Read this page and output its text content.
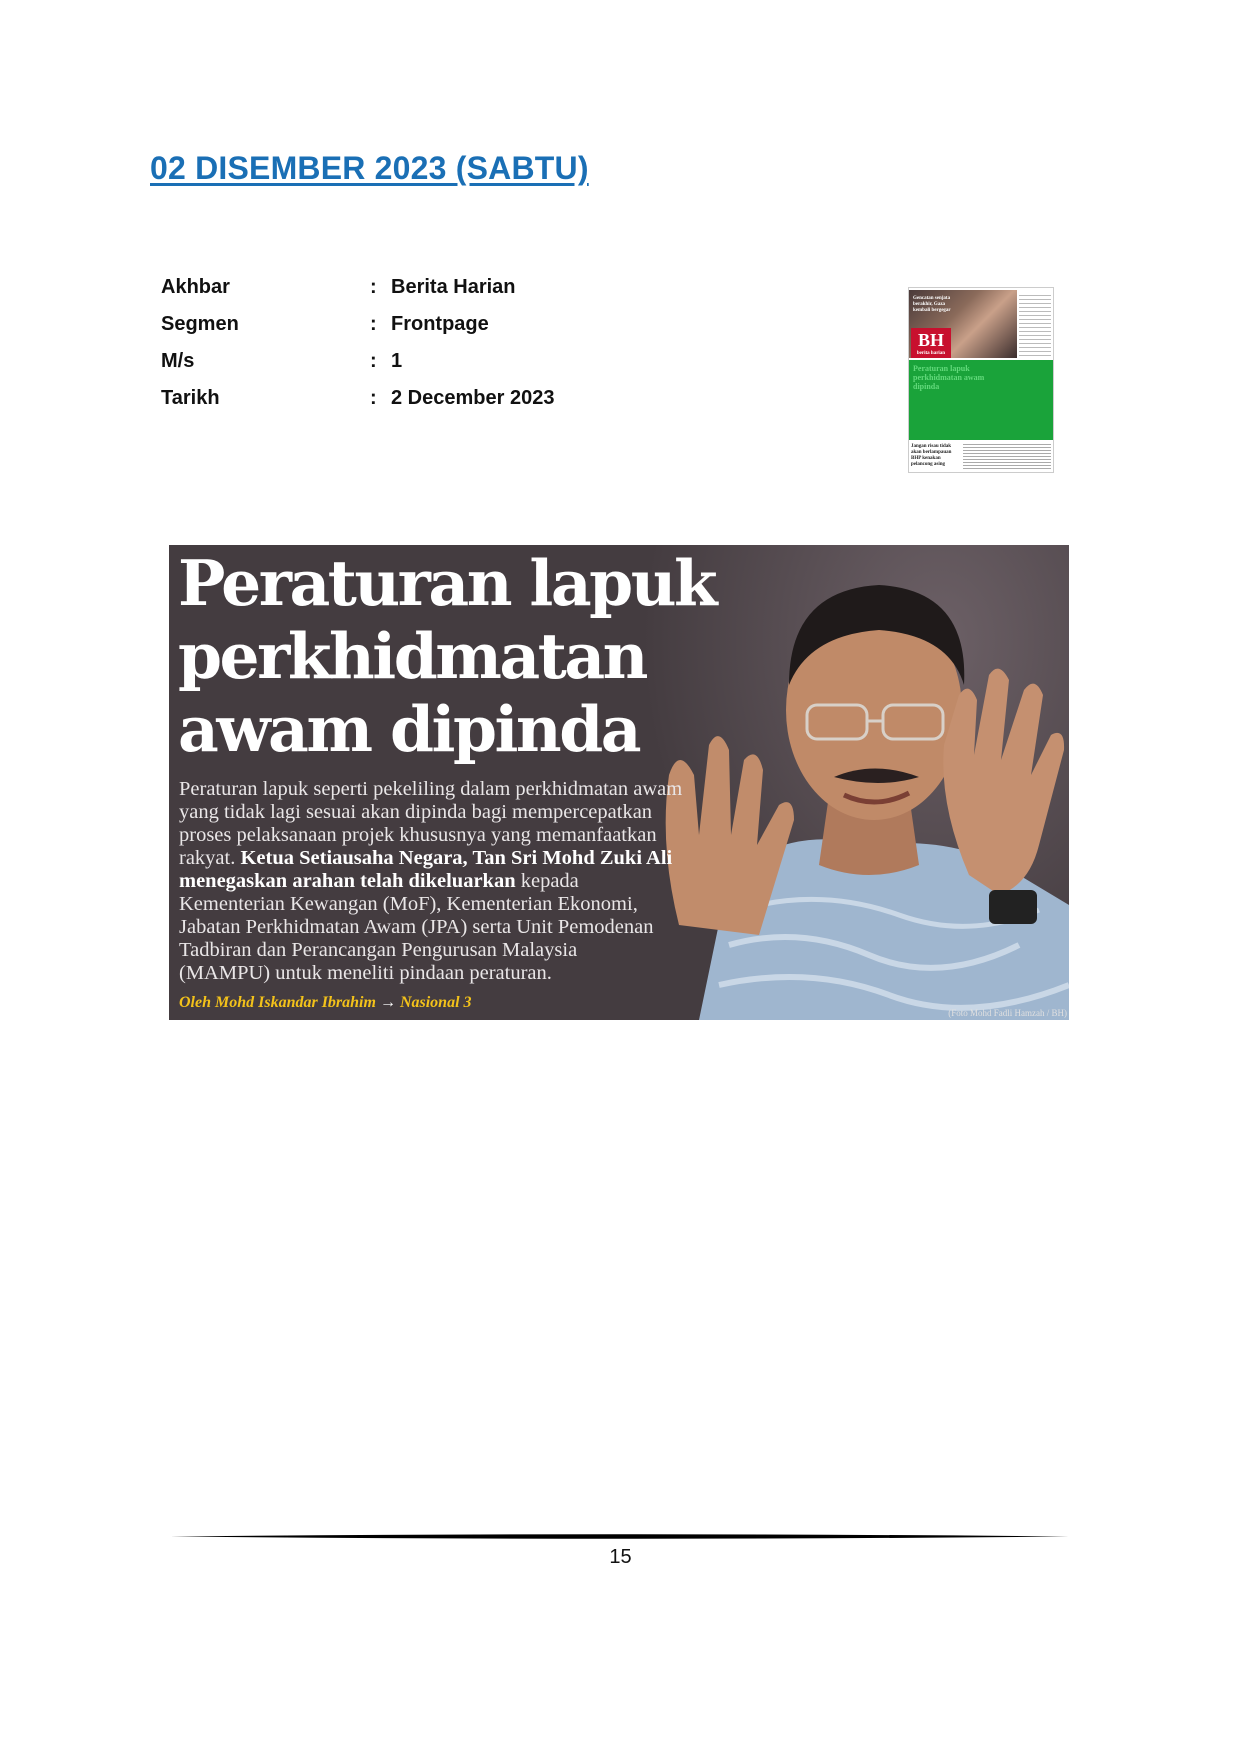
02 DISEMBER 2023 (SABTU)
Akhbar	: Berita Harian
Segmen	: Frontpage
M/s	: 1
Tarikh	: 2 December 2023
Gencatan senjata berakhir, Gaza kembali bergegar
BH
berita harian
Peraturan lapuk perkhidmatan awam dipinda
Jangan risau tidak akan berlampauan BHP kenakan pelancong asing
Peraturan lapuk
perkhidmatan
awam dipinda
Peraturan lapuk seperti pekeliling dalam perkhidmatan awam
yang tidak lagi sesuai akan dipinda bagi mempercepatkan
proses pelaksanaan projek khususnya yang memanfaatkan
rakyat. Ketua Setiausaha Negara, Tan Sri Mohd Zuki Ali
menegaskan arahan telah dikeluarkan kepada
Kementerian Kewangan (MoF), Kementerian Ekonomi,
Jabatan Perkhidmatan Awam (JPA) serta Unit Pemodenan
Tadbiran dan Perancangan Pengurusan Malaysia
(MAMPU) untuk meneliti pindaan peraturan.
Oleh Mohd Iskandar Ibrahim → Nasional 3
(Foto Mohd Fadli Hamzah / BH)
15
